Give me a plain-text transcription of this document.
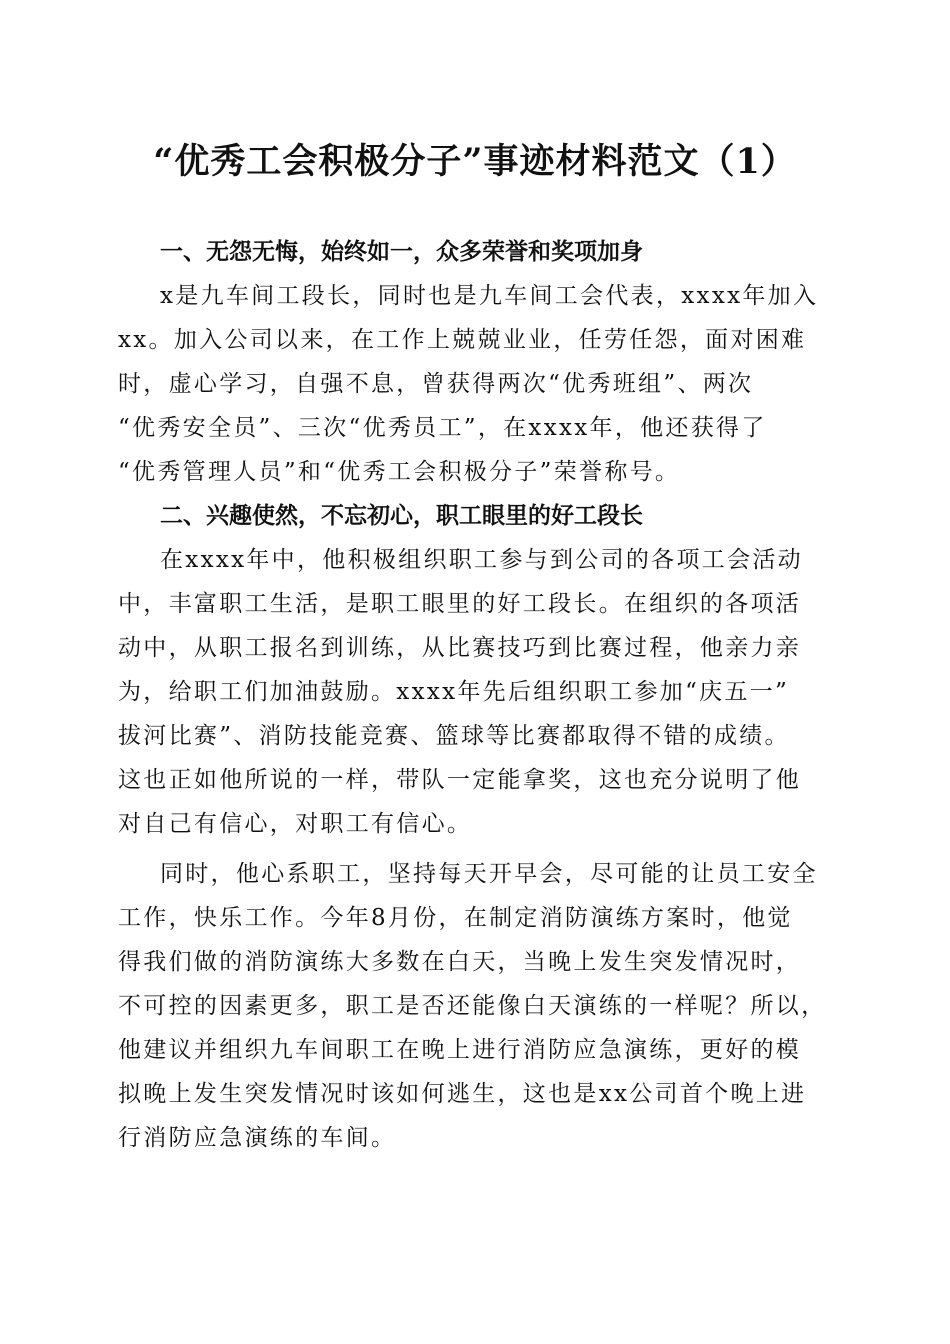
“优秀工会积极分子”事迹材料范文（1）

一、无怨无悔，始终如一，众多荣誉和奖项加身

x是九车间工段长，同时也是九车间工会代表，xxxx年加入
xx。加入公司以来，在工作上兢兢业业，任劳任怨，面对困难
时，虚心学习，自强不息，曾获得两次“优秀班组”、两次
“优秀安全员”、三次“优秀员工”，在xxxx年，他还获得了
“优秀管理人员”和“优秀工会积极分子”荣誉称号。

二、兴趣使然，不忘初心，职工眼里的好工段长

在xxxx年中，他积极组织职工参与到公司的各项工会活动
中，丰富职工生活，是职工眼里的好工段长。在组织的各项活
动中，从职工报名到训练，从比赛技巧到比赛过程，他亲力亲
为，给职工们加油鼓励。xxxx年先后组织职工参加“庆五一”
拔河比赛”、消防技能竞赛、篮球等比赛都取得不错的成绩。
这也正如他所说的一样，带队一定能拿奖，这也充分说明了他
对自己有信心，对职工有信心。

同时，他心系职工，坚持每天开早会，尽可能的让员工安全
工作，快乐工作。今年8月份，在制定消防演练方案时，他觉
得我们做的消防演练大多数在白天，当晚上发生突发情况时，
不可控的因素更多，职工是否还能像白天演练的一样呢？所以，
他建议并组织九车间职工在晚上进行消防应急演练，更好的模
拟晚上发生突发情况时该如何逃生，这也是xx公司首个晚上进
行消防应急演练的车间。
